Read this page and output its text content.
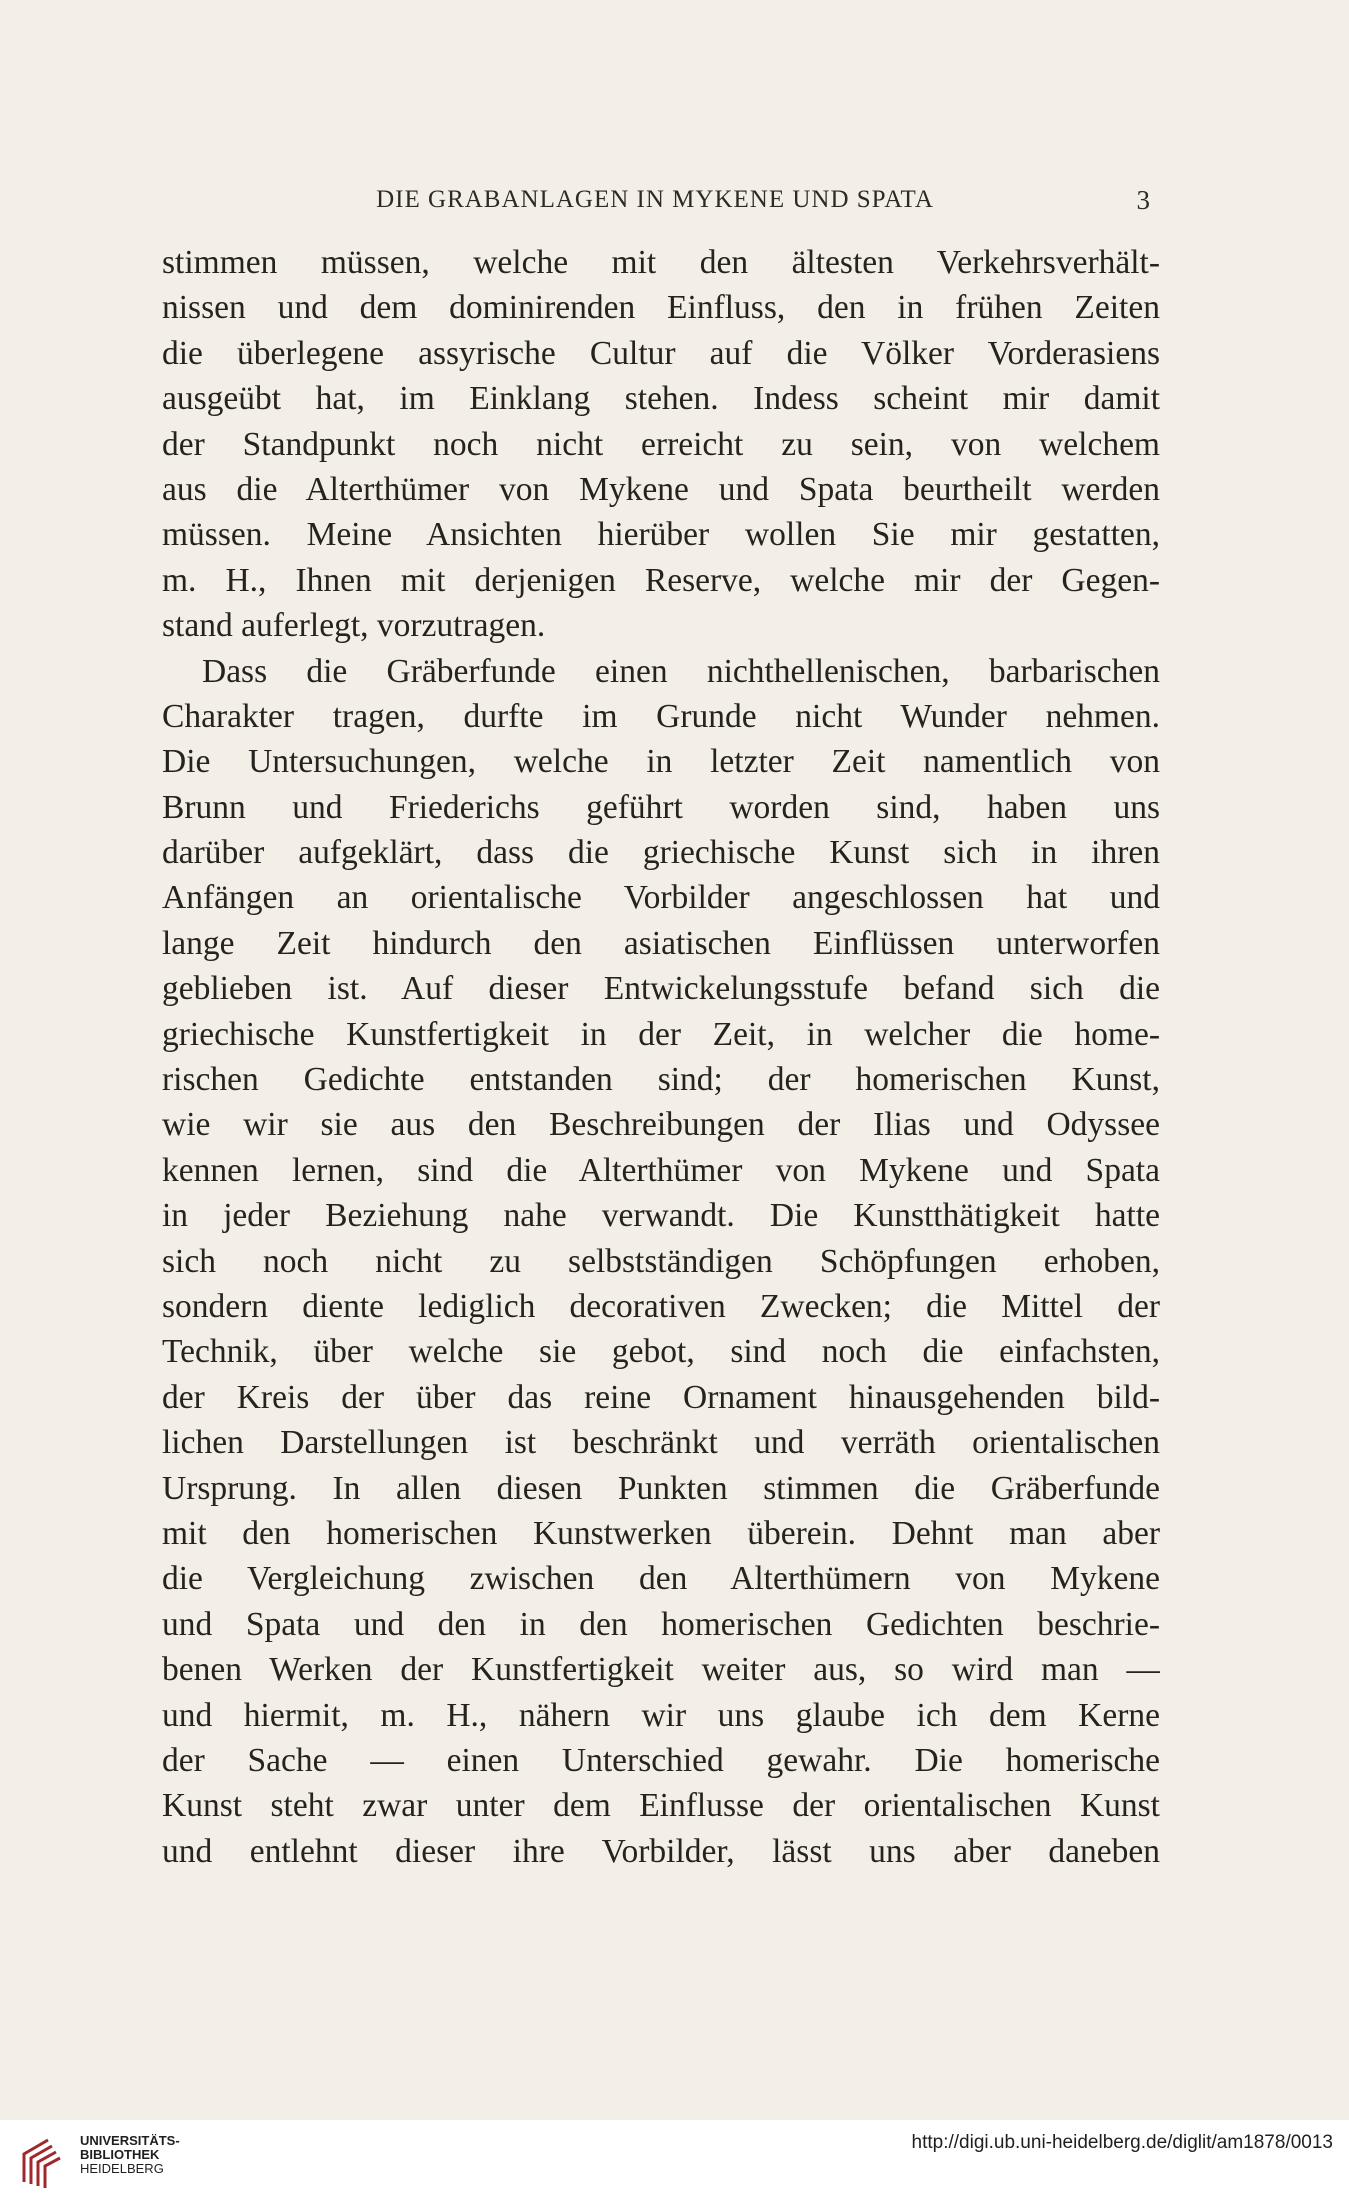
DIE GRABANLAGEN IN MYKENE UND SPATA	3
stimmen müssen, welche mit den ältesten Verkehrsverhält-
nissen und dem dominirenden Einfluss, den in frühen Zeiten
die überlegene assyrische Cultur auf die Völker Vorderasiens
ausgeübt hat, im Einklang stehen. Indess scheint mir damit
der Standpunkt noch nicht erreicht zu sein, von welchem
aus die Alterthümer von Mykene und Spata beurtheilt werden
müssen. Meine Ansichten hierüber wollen Sie mir gestatten,
m. H., Ihnen mit derjenigen Reserve, welche mir der Gegen-
stand auferlegt, vorzutragen.
Dass die Gräberfunde einen nichthellenischen, barbarischen
Charakter tragen, durfte im Grunde nicht Wunder nehmen.
Die Untersuchungen, welche in letzter Zeit namentlich von
Brunn und Friederichs geführt worden sind, haben uns
darüber aufgeklärt, dass die griechische Kunst sich in ihren
Anfängen an orientalische Vorbilder angeschlossen hat und
lange Zeit hindurch den asiatischen Einflüssen unterworfen
geblieben ist. Auf dieser Entwickelungsstufe befand sich die
griechische Kunstfertigkeit in der Zeit, in welcher die home-
rischen Gedichte entstanden sind; der homerischen Kunst,
wie wir sie aus den Beschreibungen der Ilias und Odyssee
kennen lernen, sind die Alterthümer von Mykene und Spata
in jeder Beziehung nahe verwandt. Die Kunstthätigkeit hatte
sich noch nicht zu selbstständigen Schöpfungen erhoben,
sondern diente lediglich decorativen Zwecken; die Mittel der
Technik, über welche sie gebot, sind noch die einfachsten,
der Kreis der über das reine Ornament hinausgehenden bild-
lichen Darstellungen ist beschränkt und verräth orientalischen
Ursprung. In allen diesen Punkten stimmen die Gräberfunde
mit den homerischen Kunstwerken überein. Dehnt man aber
die Vergleichung zwischen den Alterthümern von Mykene
und Spata und den in den homerischen Gedichten beschrie-
benen Werken der Kunstfertigkeit weiter aus, so wird man —
und hiermit, m. H., nähern wir uns glaube ich dem Kerne
der Sache — einen Unterschied gewahr. Die homerische
Kunst steht zwar unter dem Einflusse der orientalischen Kunst
und entlehnt dieser ihre Vorbilder, lässt uns aber daneben
UNIVERSITÄTS-
BIBLIOTHEK
HEIDELBERG
http://digi.ub.uni-heidelberg.de/diglit/am1878/0013
